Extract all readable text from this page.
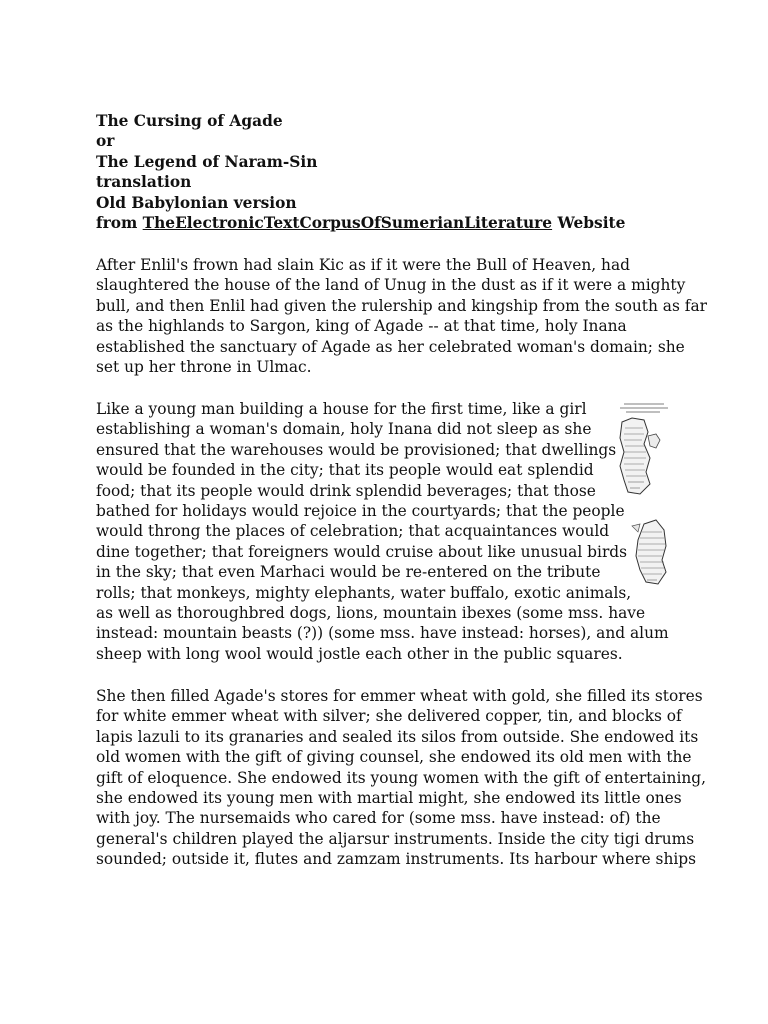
The Cursing of Agade
or
The Legend of Naram-Sin
translation
Old Babylonian version
from TheElectronicTextCorpusOfSumerianLiterature Website

After Enlil's frown had slain Kic as if it were the Bull of Heaven, had
slaughtered the house of the land of Unug in the dust as if it were a mighty
bull, and then Enlil had given the rulership and kingship from the south as far
as the highlands to Sargon, king of Agade -- at that time, holy Inana
established the sanctuary of Agade as her celebrated woman's domain; she
set up her throne in Ulmac.

Like a young man building a house for the first time, like a girl
establishing a woman's domain, holy Inana did not sleep as she
ensured that the warehouses would be provisioned; that dwellings
would be founded in the city; that its people would eat splendid
food; that its people would drink splendid beverages; that those
bathed for holidays would rejoice in the courtyards; that the people
would throng the places of celebration; that acquaintances would
dine together; that foreigners would cruise about like unusual birds
in the sky; that even Marhaci would be re-entered on the tribute
rolls; that monkeys, mighty elephants, water buffalo, exotic animals,
as well as thoroughbred dogs, lions, mountain ibexes (some mss. have
instead: mountain beasts (?)) (some mss. have instead: horses), and alum
sheep with long wool would jostle each other in the public squares.

She then filled Agade's stores for emmer wheat with gold, she filled its stores
for white emmer wheat with silver; she delivered copper, tin, and blocks of
lapis lazuli to its granaries and sealed its silos from outside. She endowed its
old women with the gift of giving counsel, she endowed its old men with the
gift of eloquence. She endowed its young women with the gift of entertaining,
she endowed its young men with martial might, she endowed its little ones
with joy. The nursemaids who cared for (some mss. have instead: of) the
general's children played the aljarsur instruments. Inside the city tigi drums
sounded; outside it, flutes and zamzam instruments. Its harbour where ships
